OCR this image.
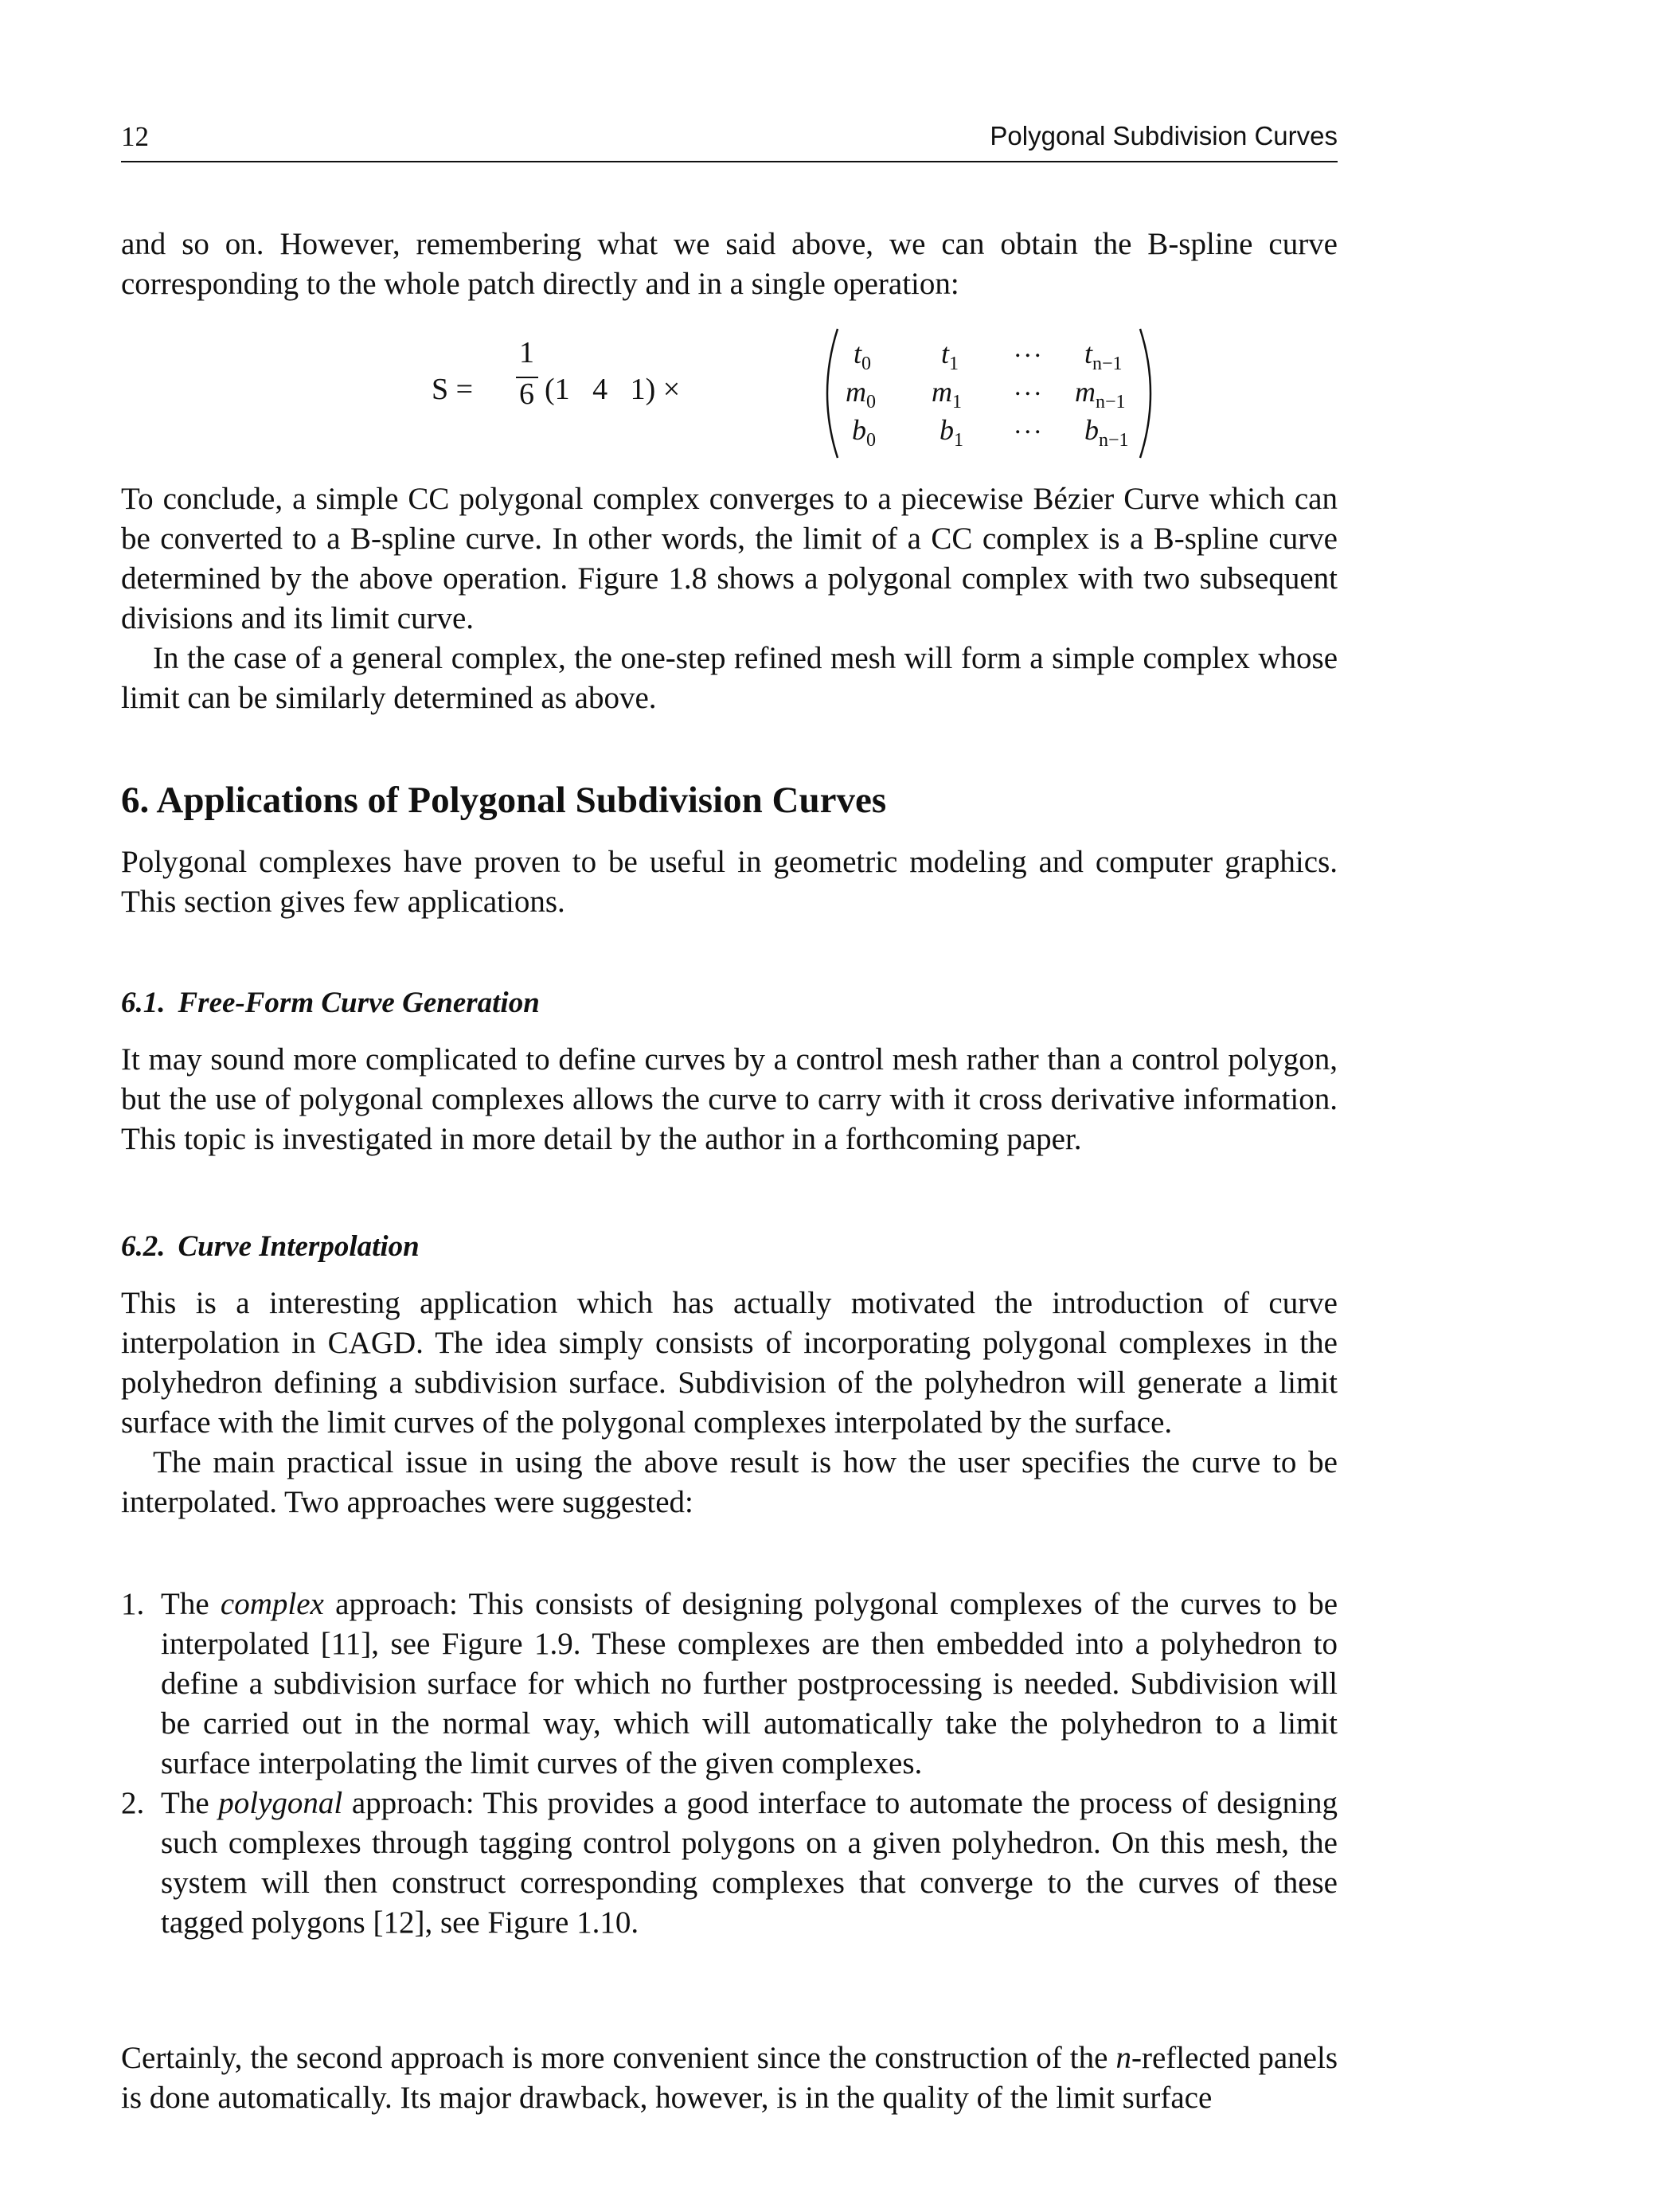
12	Polygonal Subdivision Curves

and so on. However, remembering what we said above, we can obtain the B-spline curve corresponding to the whole patch directly and in a single operation:

S =
1
6 (1   4   1) ×
$t_0$ $t_1$
... $t_{n-1}$
$m_0$ $m_1$
... $m_{n-1}$
$b_0$ $b_1$
... $b_{n-1}$

To conclude, a simple CC polygonal complex converges to a piecewise Bézier Curve which can be converted to a B-spline curve. In other words, the limit of a CC complex is a B-spline curve determined by the above operation. Figure 1.8 shows a polygonal complex with two subsequent divisions and its limit curve.

In the case of a general complex, the one-step refined mesh will form a simple complex whose limit can be similarly determined as above.

6. Applications of Polygonal Subdivision Curves

Polygonal complexes have proven to be useful in geometric modeling and computer graphics. This section gives few applications.

6.1. Free-Form Curve Generation

It may sound more complicated to define curves by a control mesh rather than a control polygon, but the use of polygonal complexes allows the curve to carry with it cross derivative information. This topic is investigated in more detail by the author in a forthcoming paper.

6.2. Curve Interpolation

This is a interesting application which has actually motivated the introduction of curve interpolation in CAGD. The idea simply consists of incorporating polygonal complexes in the polyhedron defining a subdivision surface. Subdivision of the polyhedron will generate a limit surface with the limit curves of the polygonal complexes interpolated by the surface.

The main practical issue in using the above result is how the user specifies the curve to be interpolated. Two approaches were suggested:

1. The complex approach: This consists of designing polygonal complexes of the curves to be interpolated [11], see Figure 1.9. These complexes are then embedded into a polyhedron to define a subdivision surface for which no further postprocessing is needed. Subdivision will be carried out in the normal way, which will automatically take the polyhedron to a limit surface interpolating the limit curves of the given complexes.
2. The polygonal approach: This provides a good interface to automate the process of designing such complexes through tagging control polygons on a given polyhedron. On this mesh, the system will then construct corresponding complexes that converge to the curves of these tagged polygons [12], see Figure 1.10.

Certainly, the second approach is more convenient since the construction of the n-reflected panels is done automatically. Its major drawback, however, is in the quality of the limit surface
